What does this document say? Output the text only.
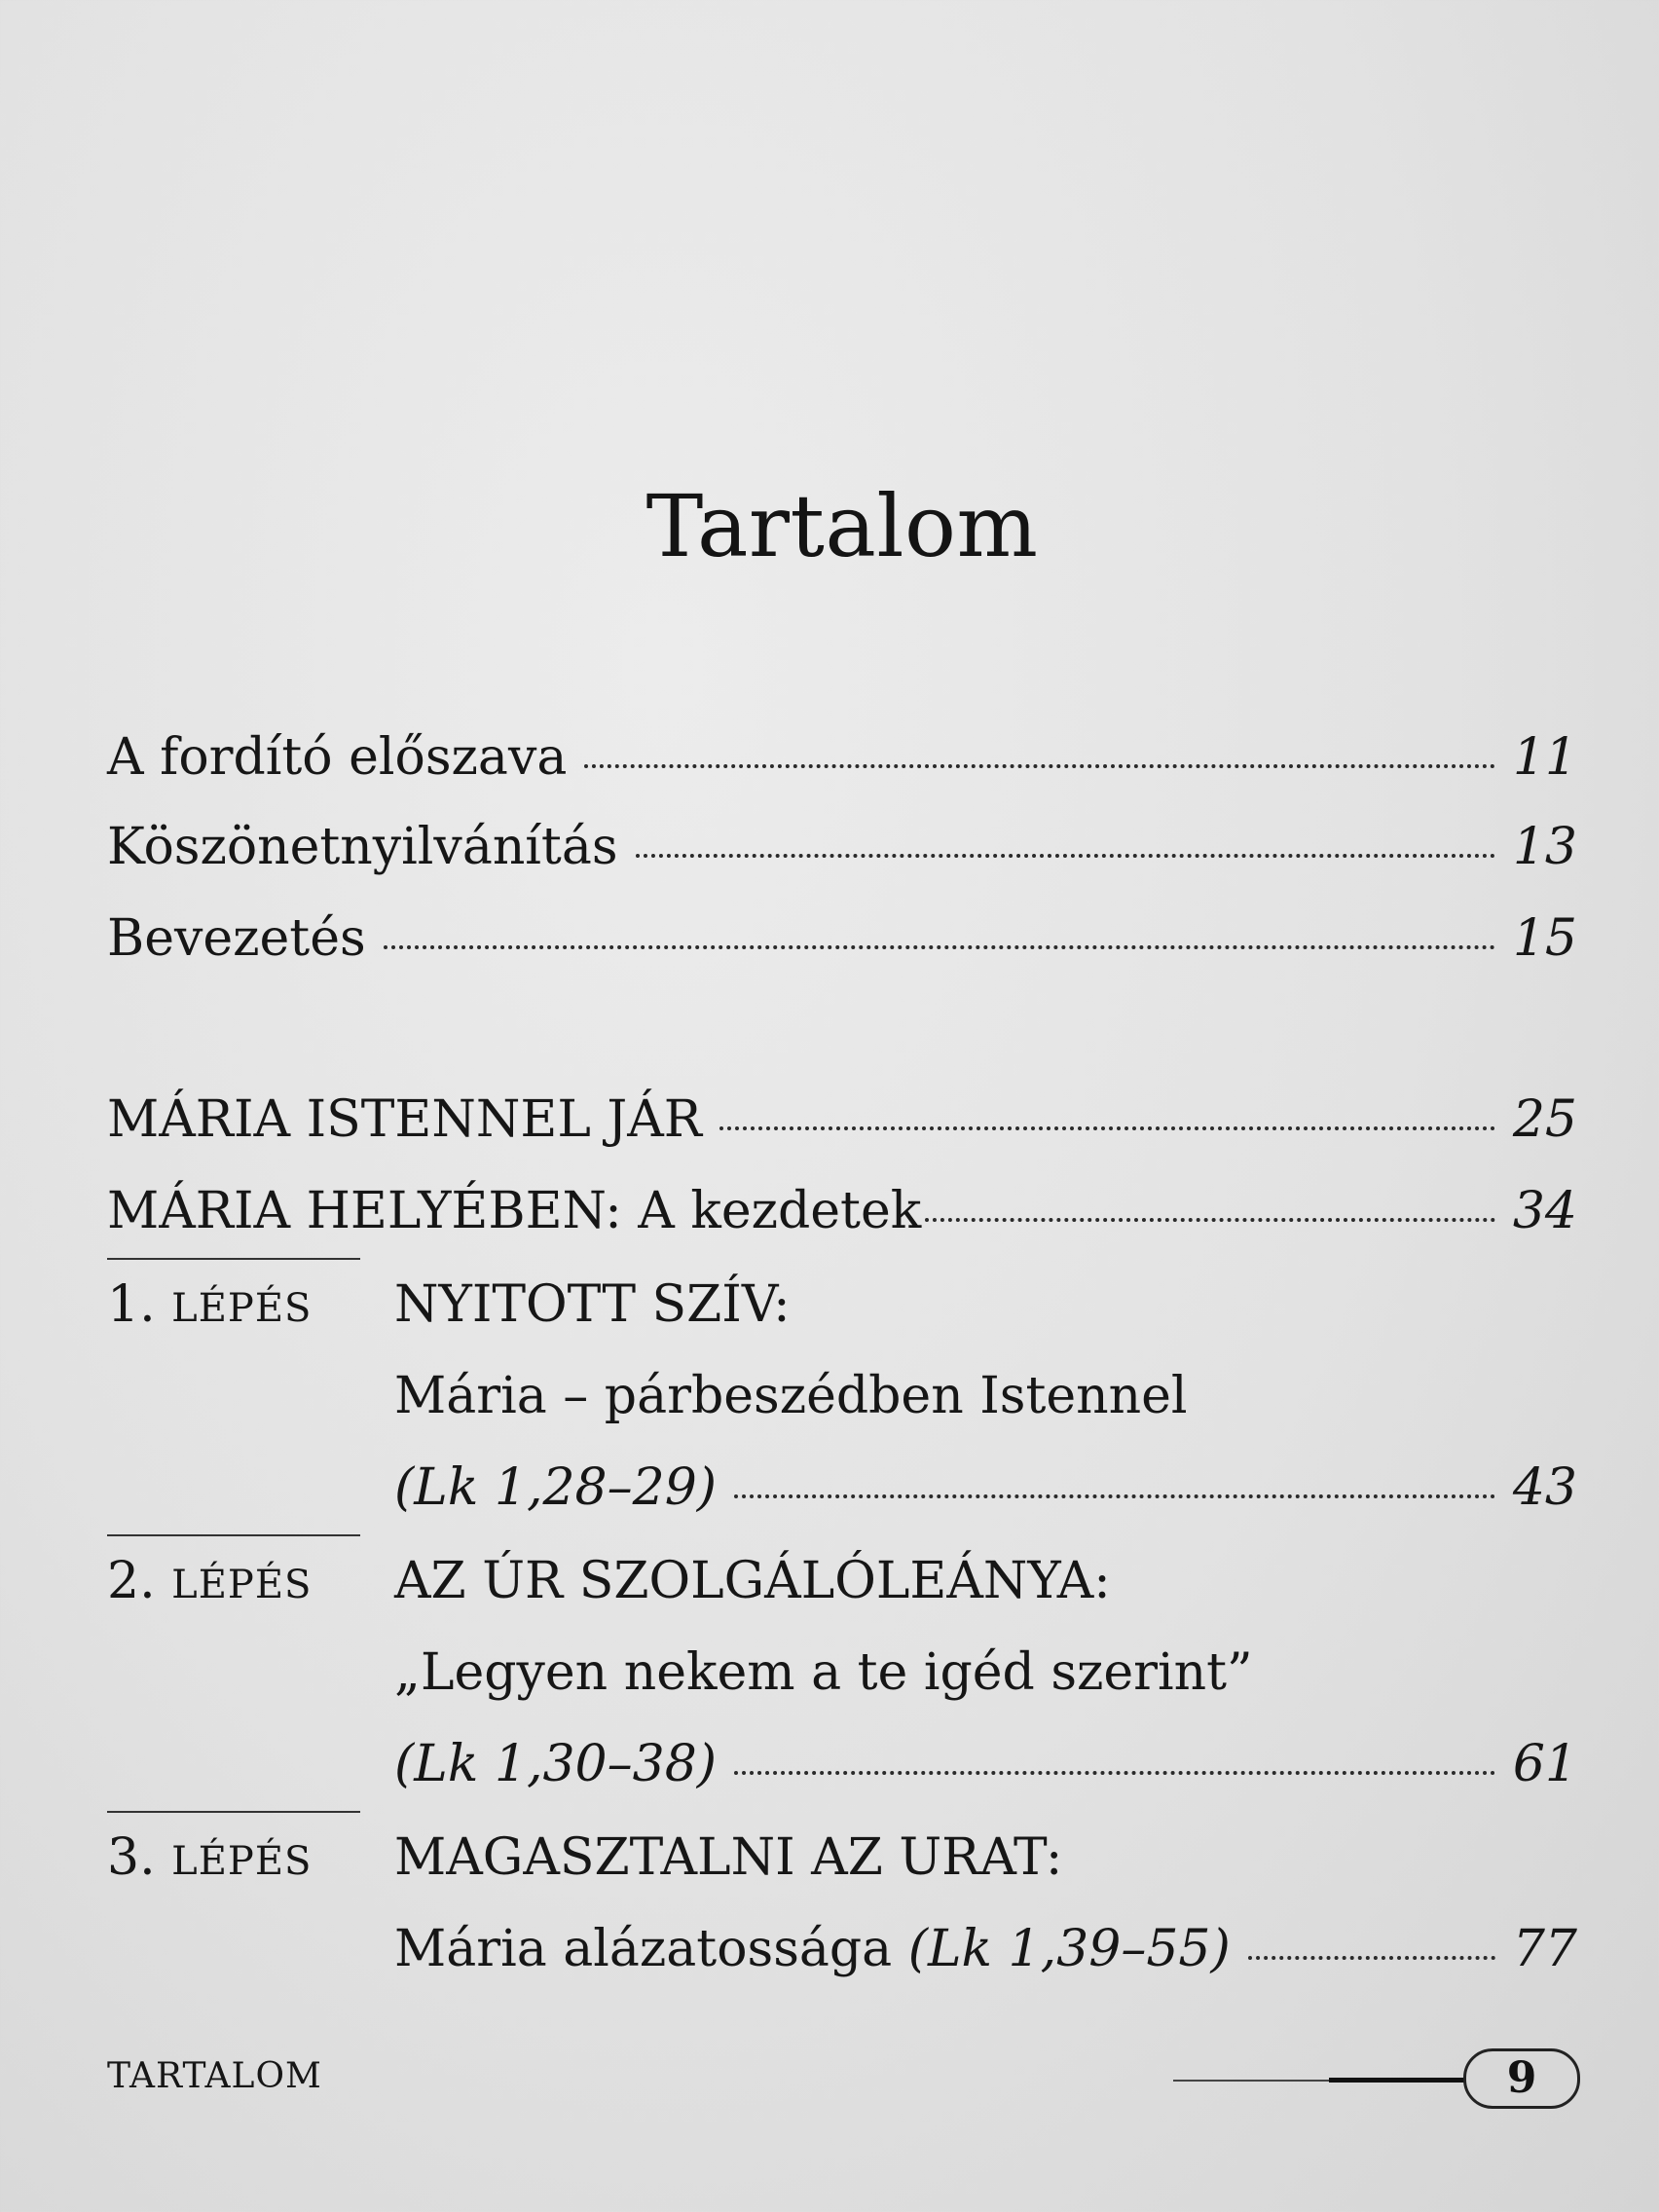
Tartalom
A fordító előszava	11
Köszönetnyilvánítás	13
Bevezetés	15
MÁRIA ISTENNEL JÁR	25
MÁRIA HELYÉBEN: A kezdetek	34
1. LÉPÉS NYITOTT SZÍV:
Mária – párbeszédben Istennel
(Lk 1,28–29)	43
2. LÉPÉS AZ ÚR SZOLGÁLÓLEÁNYA:
„Legyen nekem a te igéd szerint”
(Lk 1,30–38)	61
3. LÉPÉS MAGASZTALNI AZ URAT:
Mária alázatossága (Lk 1,39–55)	77
TARTALOM	9
